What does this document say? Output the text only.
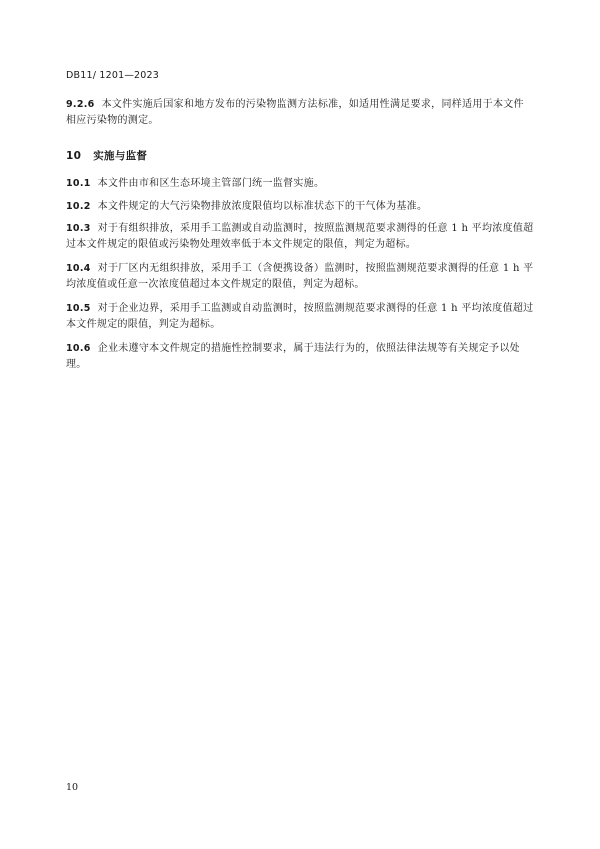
DB11/ 1201—2023
9.2.6 本文件实施后国家和地方发布的污染物监测方法标准，如适用性满足要求，同样适用于本文件相应污染物的测定。
10 实施与监督
10.1 本文件由市和区生态环境主管部门统一监督实施。
10.2 本文件规定的大气污染物排放浓度限值均以标准状态下的干气体为基准。
10.3 对于有组织排放，采用手工监测或自动监测时，按照监测规范要求测得的任意 1 h 平均浓度值超过本文件规定的限值或污染物处理效率低于本文件规定的限值，判定为超标。
10.4 对于厂区内无组织排放，采用手工（含便携设备）监测时，按照监测规范要求测得的任意 1 h 平均浓度值或任意一次浓度值超过本文件规定的限值，判定为超标。
10.5 对于企业边界，采用手工监测或自动监测时，按照监测规范要求测得的任意 1 h 平均浓度值超过本文件规定的限值，判定为超标。
10.6 企业未遵守本文件规定的措施性控制要求，属于违法行为的，依照法律法规等有关规定予以处理。
10
